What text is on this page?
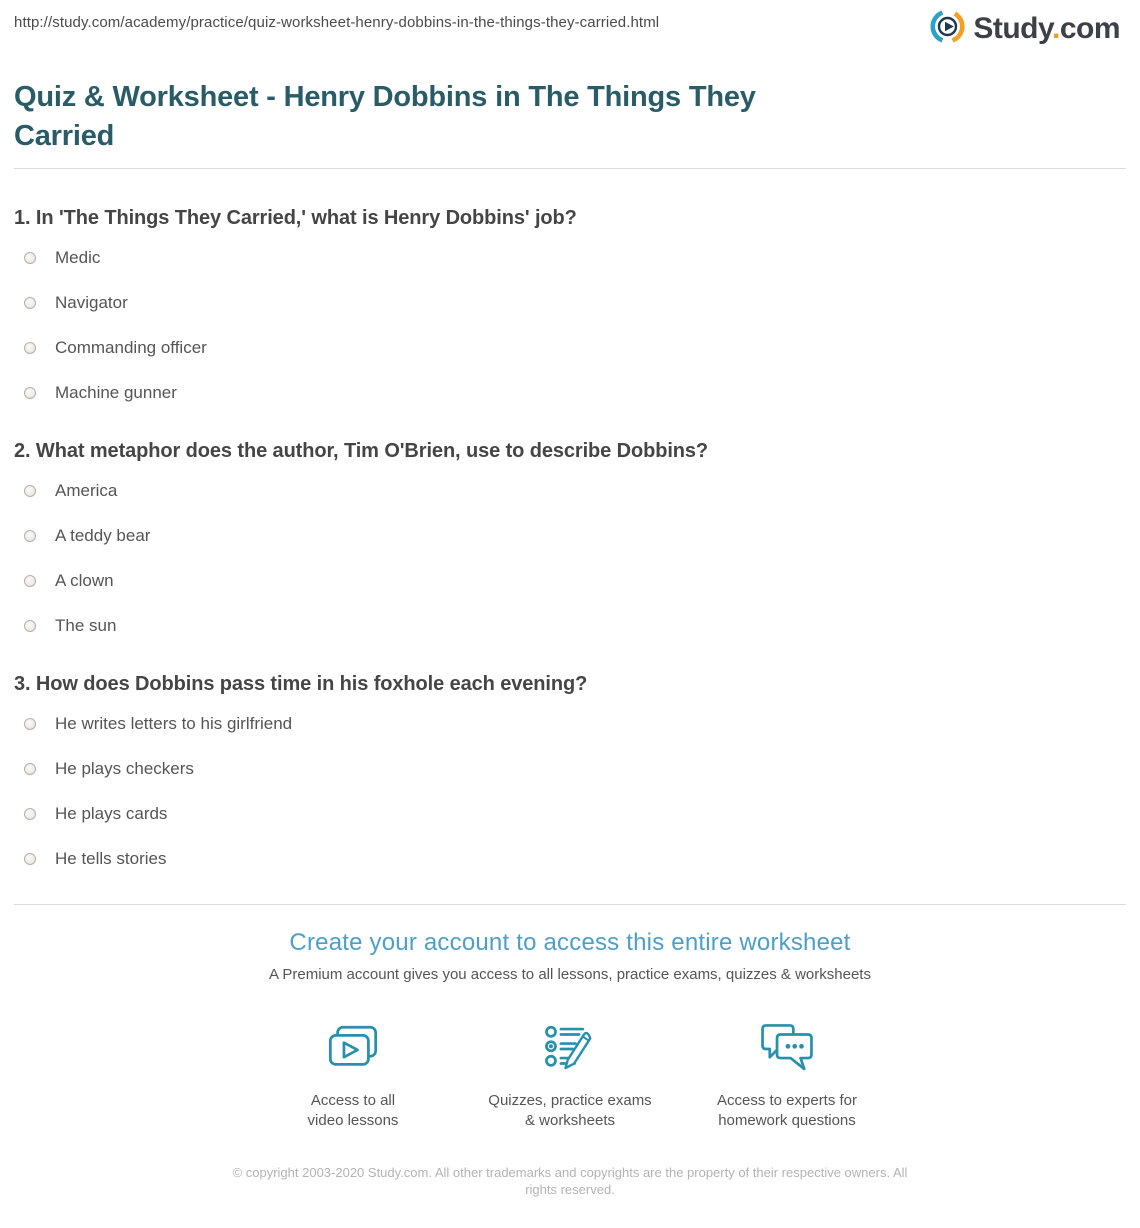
http://study.com/academy/practice/quiz-worksheet-henry-dobbins-in-the-things-they-carried.html	Study.com
Quiz & Worksheet - Henry Dobbins in The Things They Carried
1. In 'The Things They Carried,' what is Henry Dobbins' job?
Medic
Navigator
Commanding officer
Machine gunner
2. What metaphor does the author, Tim O'Brien, use to describe Dobbins?
America
A teddy bear
A clown
The sun
3. How does Dobbins pass time in his foxhole each evening?
He writes letters to his girlfriend
He plays checkers
He plays cards
He tells stories
Create your account to access this entire worksheet
A Premium account gives you access to all lessons, practice exams, quizzes & worksheets
Access to all
video lessons
Quizzes, practice exams
& worksheets
Access to experts for
homework questions
© copyright 2003-2020 Study.com. All other trademarks and copyrights are the property of their respective owners. All rights reserved.
